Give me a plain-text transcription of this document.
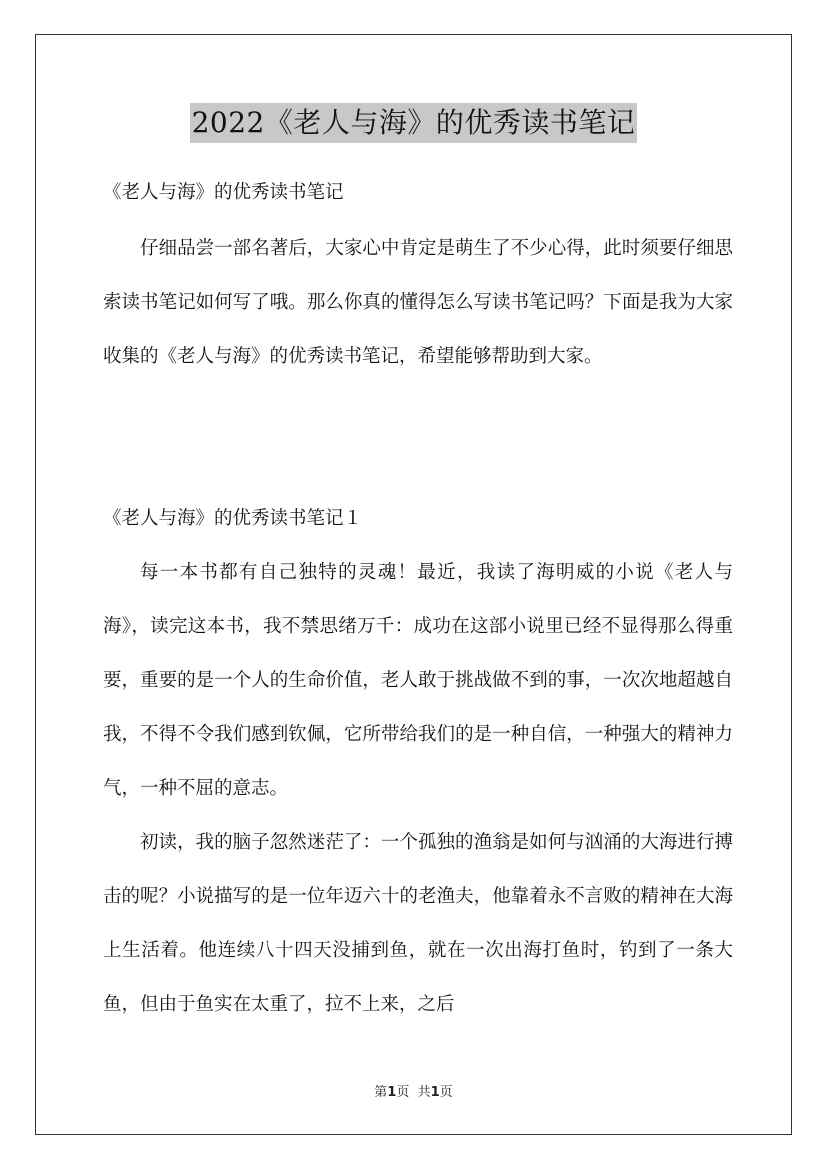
2022《老人与海》的优秀读书笔记
《老人与海》的优秀读书笔记

仔细品尝一部名著后，大家心中肯定是萌生了不少心得，此时须要仔细思索读书笔记如何写了哦。那么你真的懂得怎么写读书笔记吗？下面是我为大家收集的《老人与海》的优秀读书笔记，希望能够帮助到大家。

《老人与海》的优秀读书笔记１

每一本书都有自己独特的灵魂！最近，我读了海明威的小说《老人与海》，读完这本书，我不禁思绪万千：成功在这部小说里已经不显得那么得重要，重要的是一个人的生命价值，老人敢于挑战做不到的事，一次次地超越自我，不得不令我们感到钦佩，它所带给我们的是一种自信，一种强大的精神力气，一种不屈的意志。

初读，我的脑子忽然迷茫了：一个孤独的渔翁是如何与汹涌的大海进行搏击的呢？小说描写的是一位年迈六十的老渔夫，他靠着永不言败的精神在大海上生活着。他连续八十四天没捕到鱼，就在一次出海打鱼时，钓到了一条大鱼，但由于鱼实在太重了，拉不上来，之后

第1页 共1页
